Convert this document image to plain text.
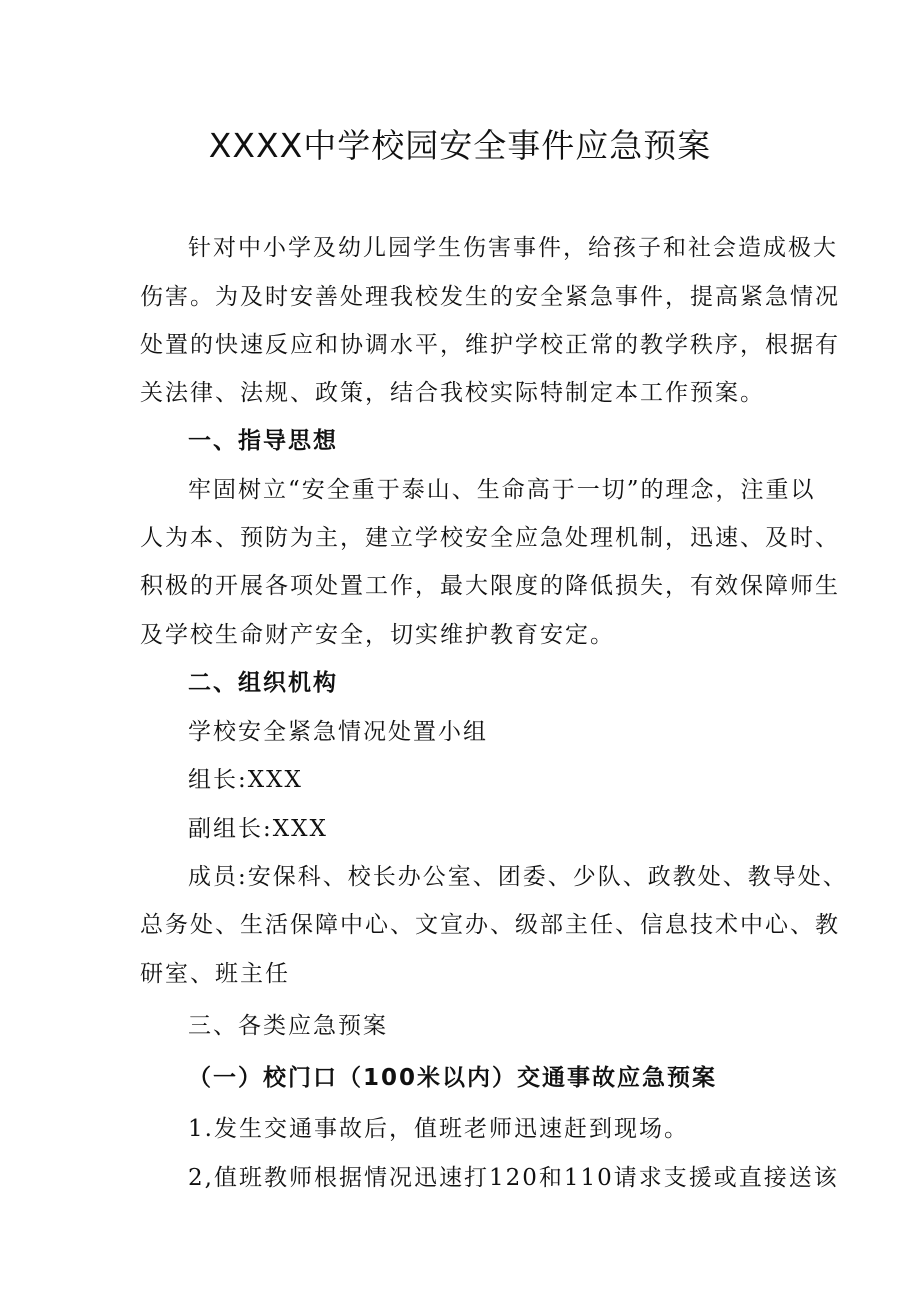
XXXX中学校园安全事件应急预案

针对中小学及幼儿园学生伤害事件，给孩子和社会造成极大

伤害。为及时安善处理我校发生的安全紧急事件，提高紧急情况

处置的快速反应和协调水平，维护学校正常的教学秩序，根据有

关法律、法规、政策，结合我校实际特制定本工作预案。

一、指导思想

牢固树立“安全重于泰山、生命高于一切”的理念，注重以

人为本、预防为主，建立学校安全应急处理机制，迅速、及时、

积极的开展各项处置工作，最大限度的降低损失，有效保障师生

及学校生命财产安全，切实维护教育安定。

二、组织机构

学校安全紧急情况处置小组

组长:XXX

副组长:XXX

成员:安保科、校长办公室、团委、少队、政教处、教导处、

总务处、生活保障中心、文宣办、级部主任、信息技术中心、教

研室、班主任

三、各类应急预案

（一）校门口（100米以内）交通事故应急预案

1.发生交通事故后，值班老师迅速赶到现场。

2,值班教师根据情况迅速打120和110请求支援或直接送该
